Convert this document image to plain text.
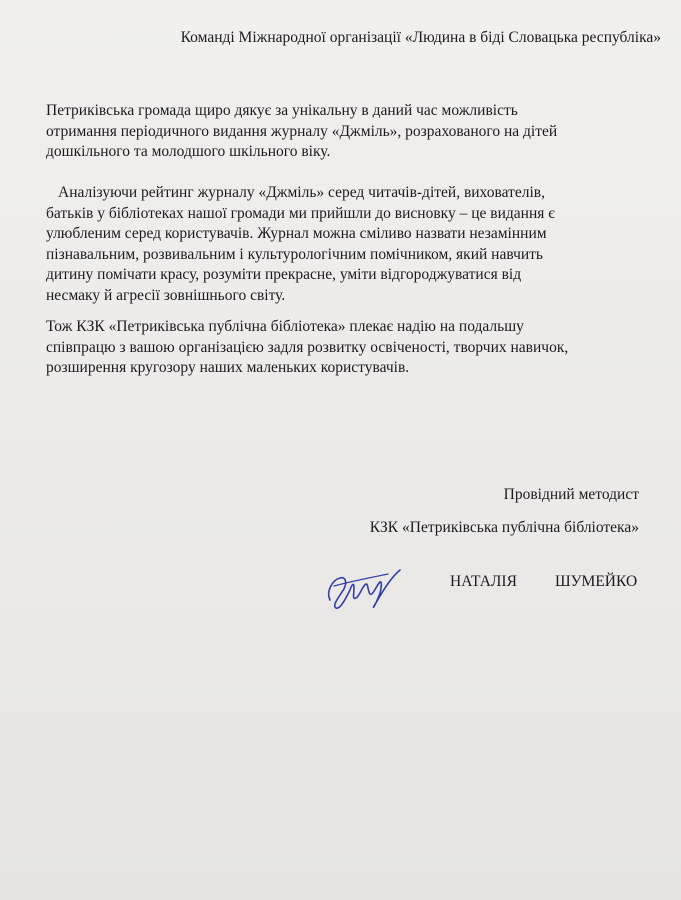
Команді Міжнародної організації «Людина в біді Словацька республіка»

Петриківська громада щиро дякує за унікальну в даний час можливість
отримання періодичного видання журналу «Джміль», розрахованого на дітей
дошкільного та молодшого шкільного віку.

Аналізуючи рейтинг журналу «Джміль» серед читачів-дітей, вихователів,
батьків у бібліотеках нашої громади ми прийшли до висновку – це видання є
улюбленим серед користувачів. Журнал можна сміливо назвати незамінним
пізнавальним, розвивальним і культурологічним помічником, який навчить
дитину помічати красу, розуміти прекрасне, уміти відгороджуватися від
несмаку й агресії зовнішнього світу.

Тож КЗК «Петриківська публічна бібліотека» плекає надію на подальшу
співпрацю з вашою організацією задля розвитку освіченості, творчих навичок,
розширення кругозору наших маленьких користувачів.

Провідний методист

КЗК «Петриківська публічна бібліотека»

НАТАЛІЯ ШУМЕЙКО
